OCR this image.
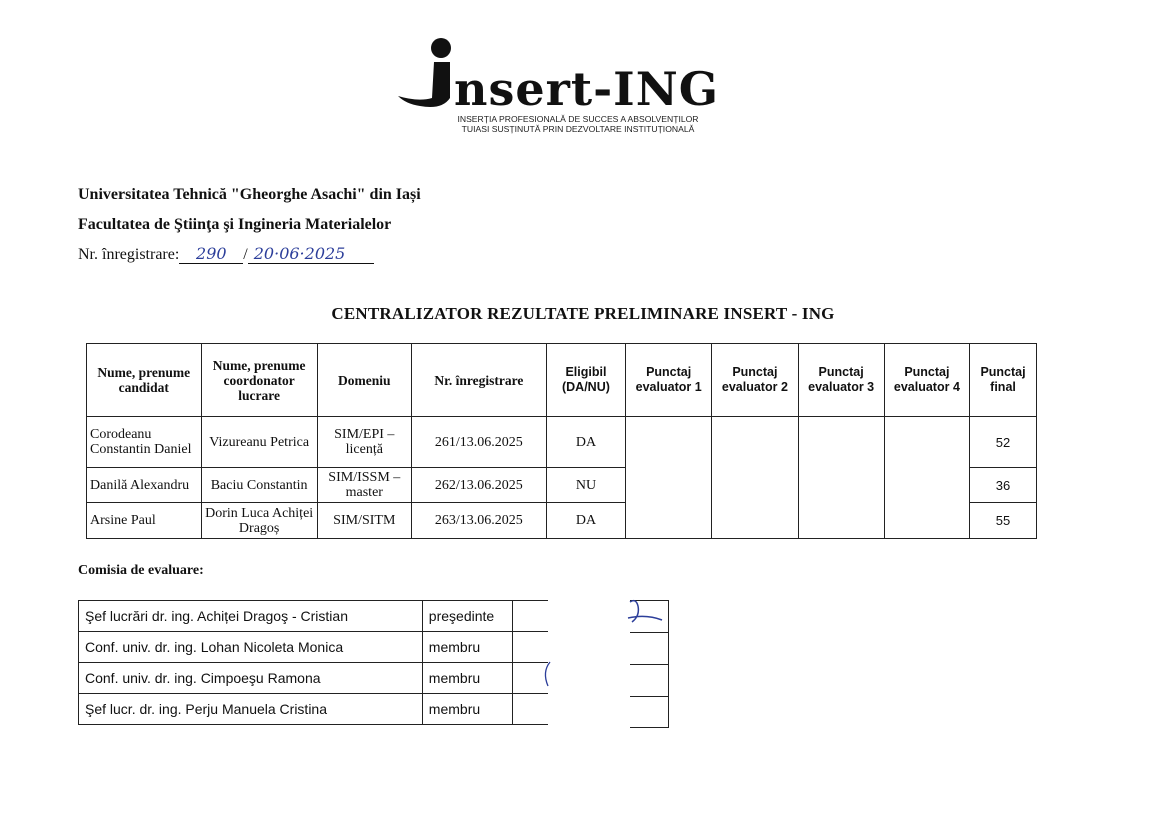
nsert-ING
INSERȚIA PROFESIONALĂ DE SUCCES A ABSOLVENȚILOR
TUIASI SUSȚINUTĂ PRIN DEZVOLTARE INSTITUȚIONALĂ
Universitatea Tehnică "Gheorghe Asachi" din Iași
Facultatea de Ştiinţa şi Ingineria Materialelor
Nr. înregistrare: 290 / 20·06·2025
CENTRALIZATOR REZULTATE PRELIMINARE INSERT - ING
Nume, prenume candidat	Nume, prenume coordonator lucrare	Domeniu	Nr. înregistrare	Eligibil (DA/NU)	Punctaj evaluator 1	Punctaj evaluator 2	Punctaj evaluator 3	Punctaj evaluator 4	Punctaj final
Corodeanu Constantin Daniel	Vizureanu Petrica	SIM/EPI – licență	261/13.06.2025	DA					52
Danilă Alexandru	Baciu Constantin	SIM/ISSM – master	262/13.06.2025	NU					36
Arsine Paul	Dorin Luca Achiței Dragoș	SIM/SITM	263/13.06.2025	DA					55
Comisia de evaluare:
Şef lucrări dr. ing. Achiței Dragoş - Cristian	preşedinte	
Conf. univ. dr. ing. Lohan Nicoleta Monica	membru	
Conf. univ. dr. ing. Cimpoeşu Ramona	membru	
Şef lucr. dr. ing. Perju Manuela Cristina	membru	
